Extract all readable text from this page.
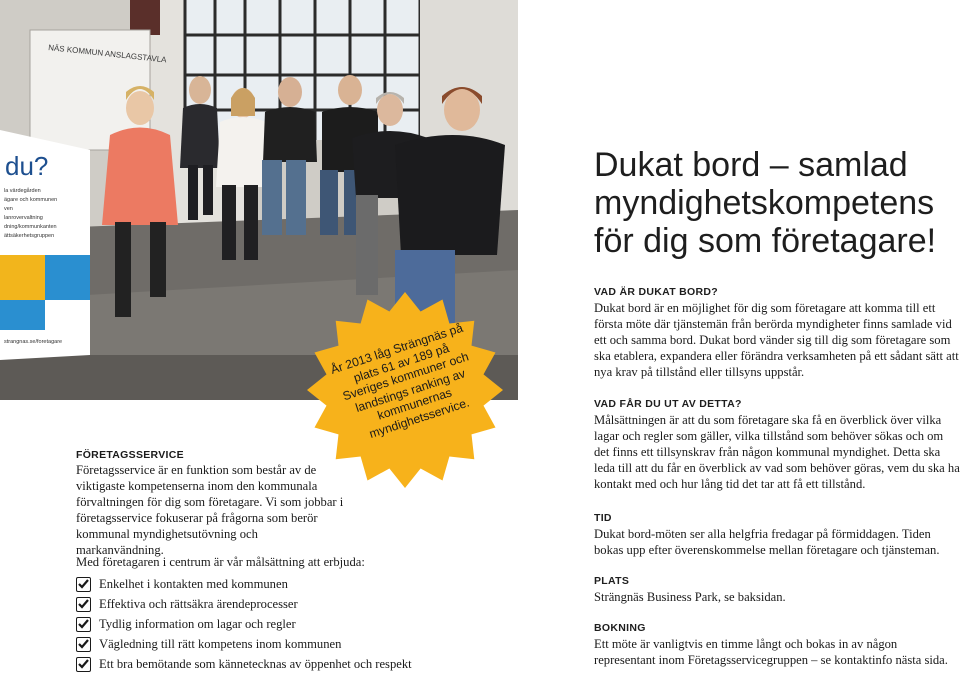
NÄS KOMMUN ANSLAGSTAVLA
du?
la värdegården ägare och kommunen ven lanrovervaltning dning/kommunkanten ättsäkerhetsgruppen
strangnas.se/foretagare
Dukat bord – samlad myndighetskompetens för dig som företagare!
VAD ÄR DUKAT BORD?

Dukat bord är en möjlighet för dig som företagare att komma till ett första möte där tjänstemän från berörda myndigheter finns samlade vid ett och samma bord. Dukat bord vänder sig till dig som företagare som ska etablera, expandera eller förändra verksamheten på ett sådant sätt att nya krav på tillstånd eller tillsyns uppstår.

VAD FÅR DU UT AV DETTA?

Målsättningen är att du som företagare ska få en överblick över vilka lagar och regler som gäller, vilka tillstånd som behöver sökas och om det finns ett tillsynskrav från någon kommunal myndighet. Detta ska leda till att du får en överblick av vad som behöver göras, vem du ska ha kontakt med och hur lång tid det tar att få ett tillstånd.

TID

Dukat bord-möten ser alla helgfria fredagar på förmiddagen. Tiden bokas upp efter överenskommelse mellan företagare och tjänsteman.

PLATS

Strängnäs Business Park, se baksidan.

BOKNING

Ett möte är vanligtvis en timme långt och bokas in av någon representant inom Företagsservicegruppen – se kontaktinfo nästa sida.

FÖRETAGSSERVICE

Företagsservice är en funktion som består av de viktigaste kompetenserna inom den kommunala förvaltningen för dig som företagare. Vi som jobbar i företagsservice fokuserar på frågorna som berör kommunal myndighetsutövning och markanvändning.

Med företagaren i centrum är vår målsättning att erbjuda:

Enkelhet i kontakten med kommunen
Effektiva och rättsäkra ärendeprocesser
Tydlig information om lagar och regler
Vägledning till rätt kompetens inom kommunen
Ett bra bemötande som kännetecknas av öppenhet och respekt
År 2013 låg Strängnäs på plats 61 av 189 på Sveriges kommuner och landstings ranking av kommunernas myndighetsservice.
